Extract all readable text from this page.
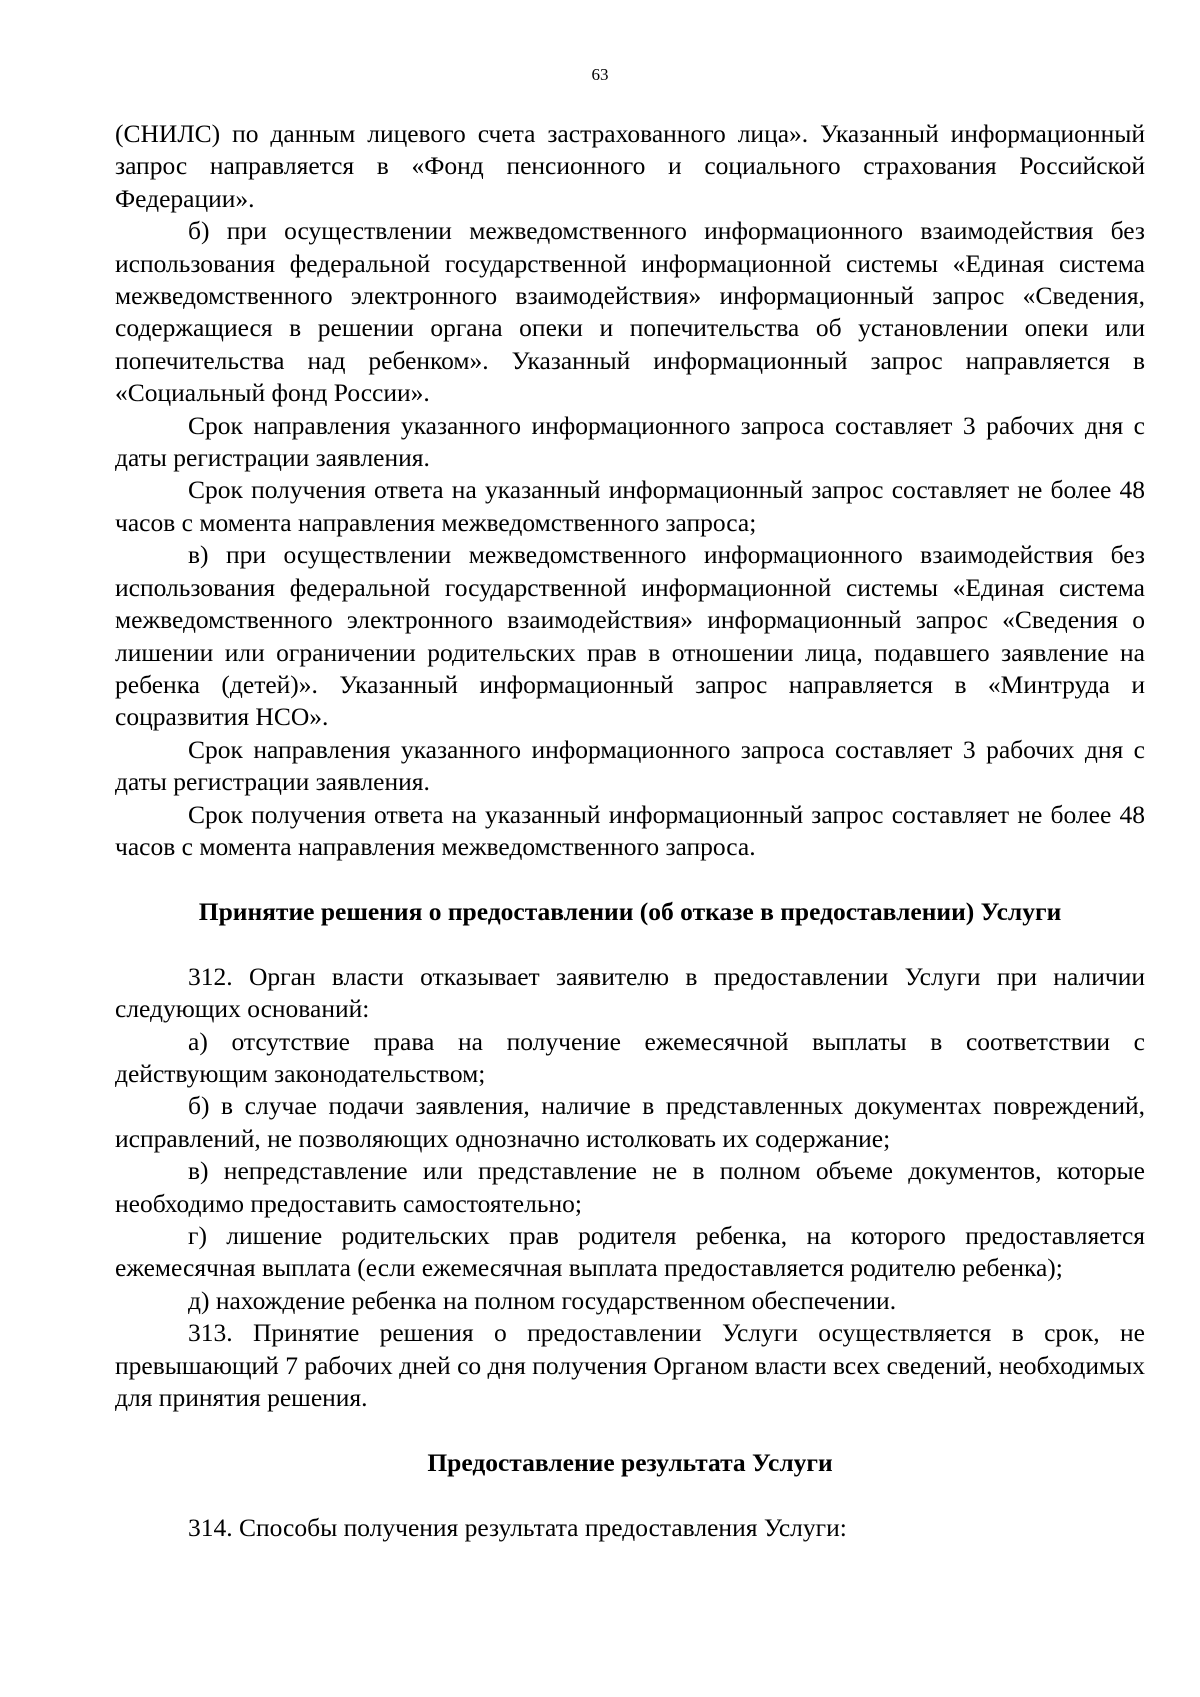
63

(СНИЛС) по данным лицевого счета застрахованного лица». Указанный информационный запрос направляется в «Фонд пенсионного и социального страхования Российской Федерации».

б) при осуществлении межведомственного информационного взаимодействия без использования федеральной государственной информационной системы «Единая система межведомственного электронного взаимодействия» информационный запрос «Сведения, содержащиеся в решении органа опеки и попечительства об установлении опеки или попечительства над ребенком». Указанный информационный запрос направляется в «Социальный фонд России».

Срок направления указанного информационного запроса составляет 3 рабочих дня с даты регистрации заявления.

Срок получения ответа на указанный информационный запрос составляет не более 48 часов с момента направления межведомственного запроса;

в) при осуществлении межведомственного информационного взаимодействия без использования федеральной государственной информационной системы «Единая система межведомственного электронного взаимодействия» информационный запрос «Сведения о лишении или ограничении родительских прав в отношении лица, подавшего заявление на ребенка (детей)». Указанный информационный запрос направляется в «Минтруда и соцразвития НСО».

Срок направления указанного информационного запроса составляет 3 рабочих дня с даты регистрации заявления.

Срок получения ответа на указанный информационный запрос составляет не более 48 часов с момента направления межведомственного запроса.

Принятие решения о предоставлении (об отказе в предоставлении) Услуги

312. Орган власти отказывает заявителю в предоставлении Услуги при наличии следующих оснований:

а) отсутствие права на получение ежемесячной выплаты в соответствии с действующим законодательством;

б) в случае подачи заявления, наличие в представленных документах повреждений, исправлений, не позволяющих однозначно истолковать их содержание;

в) непредставление или представление не в полном объеме документов, которые необходимо предоставить самостоятельно;

г) лишение родительских прав родителя ребенка, на которого предоставляется ежемесячная выплата (если ежемесячная выплата предоставляется родителю ребенка);

д) нахождение ребенка на полном государственном обеспечении.

313. Принятие решения о предоставлении Услуги осуществляется в срок, не превышающий 7 рабочих дней со дня получения Органом власти всех сведений, необходимых для принятия решения.

Предоставление результата Услуги

314. Способы получения результата предоставления Услуги:
